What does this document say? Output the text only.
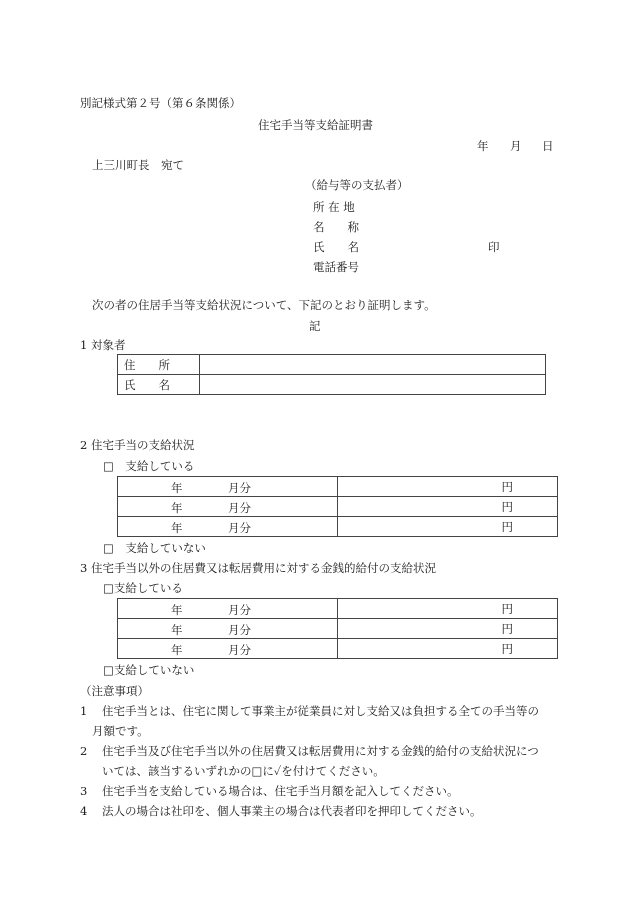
別記様式第２号（第６条関係）
住宅手当等支給証明書
年 月 日
上三川町長　宛て
（給与等の支払者）
所 在 地
名　　称
氏　　名	印
電話番号
次の者の住居手当等支給状況について、下記のとおり証明します。
記
1 対象者
住　　所	
氏　　名	
2 住宅手当の支給状況
□　支給している
年 月分	円

年 月分	円

年 月分	円
□　支給していない
3 住宅手当以外の住居費又は転居費用に対する金銭的給付の支給状況
□支給している
年 月分	円

年 月分	円

年 月分	円
□支給していない
（注意事項）
1 住宅手当とは、住宅に関して事業主が従業員に対し支給又は負担する全ての手当等の
月額です。
2 住宅手当及び住宅手当以外の住居費又は転居費用に対する金銭的給付の支給状況につ
いては、該当するいずれかの□に✓を付けてください。
3 住宅手当を支給している場合は、住宅手当月額を記入してください。
4 法人の場合は社印を、個人事業主の場合は代表者印を押印してください。
